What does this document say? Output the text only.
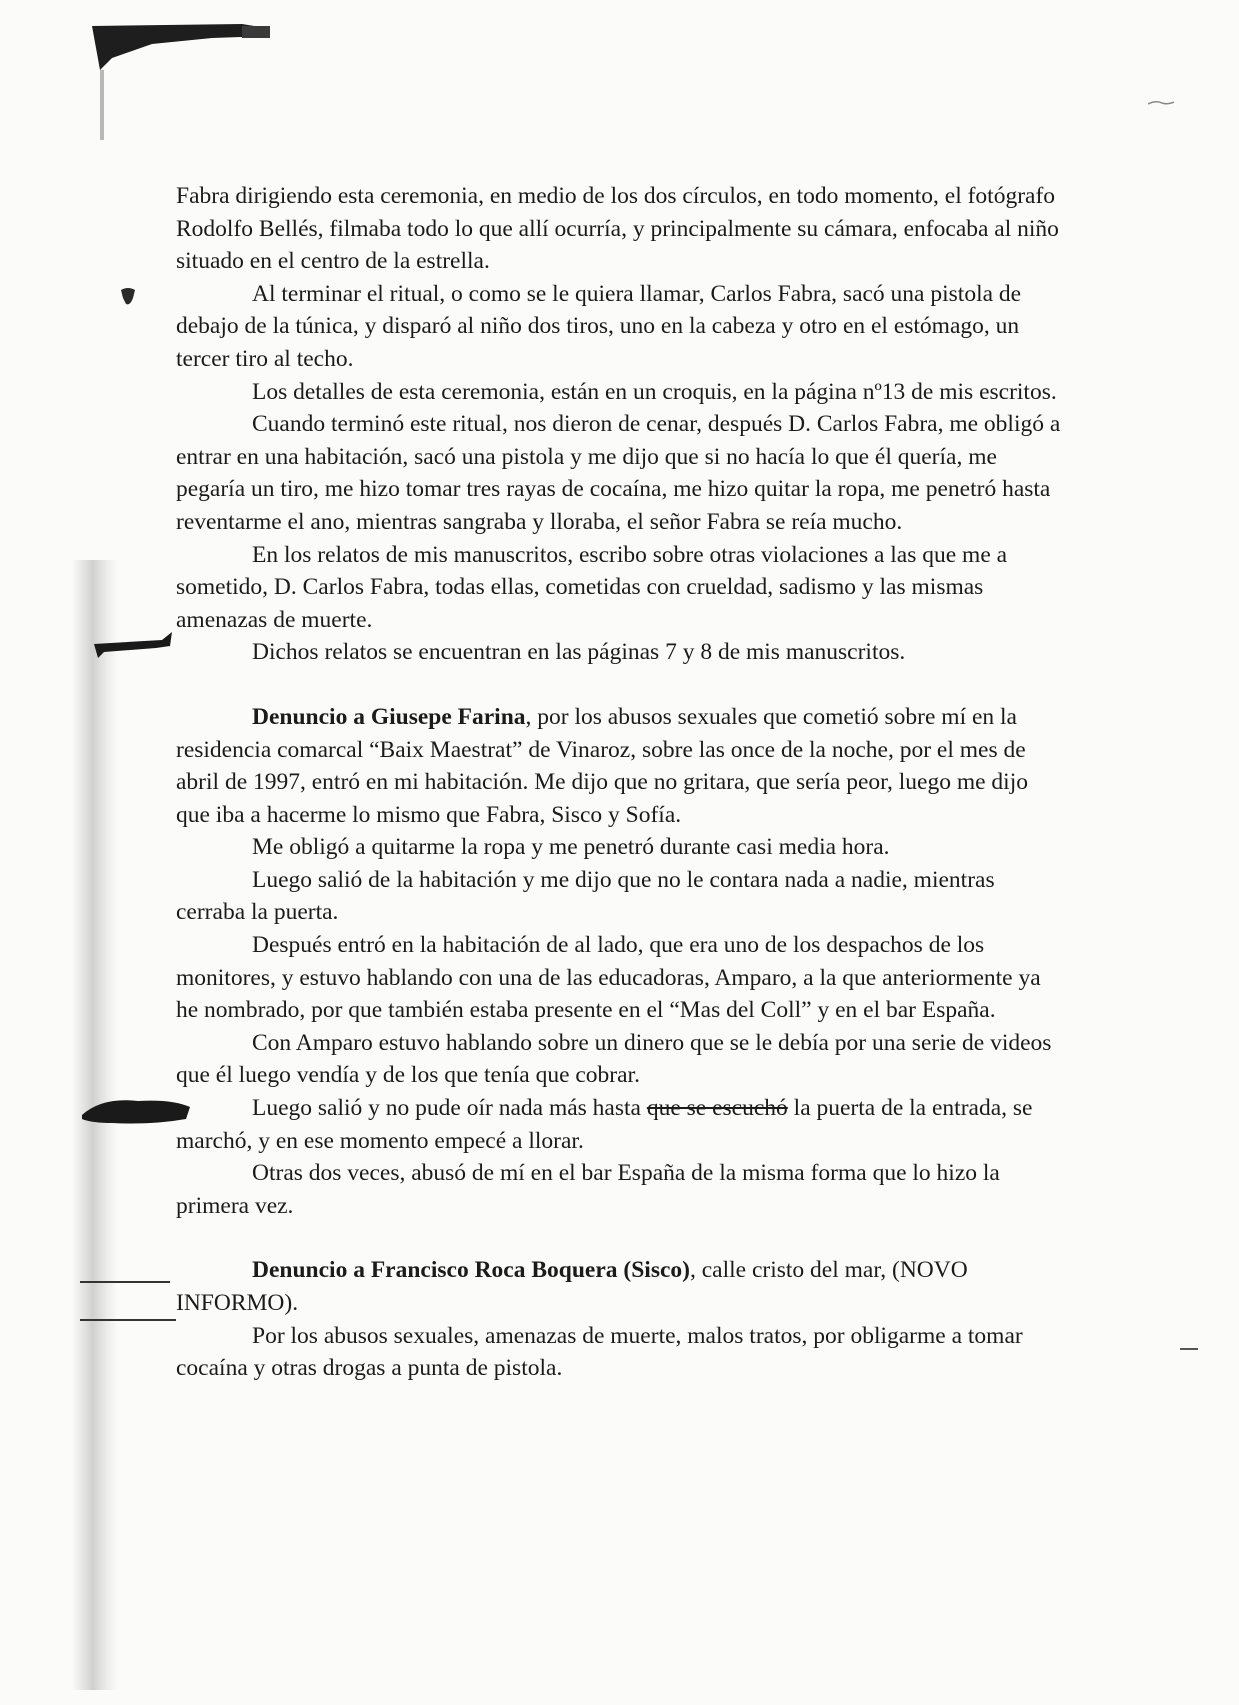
Fabra dirigiendo esta ceremonia, en medio de los dos círculos, en todo momento, el fotógrafo Rodolfo Bellés, filmaba todo lo que allí ocurría, y principalmente su cámara, enfocaba al niño situado en el centro de la estrella.

Al terminar el ritual, o como se le quiera llamar, Carlos Fabra, sacó una pistola de debajo de la túnica, y disparó al niño dos tiros, uno en la cabeza y otro en el estómago, un tercer tiro al techo.

Los detalles de esta ceremonia, están en un croquis, en la página nº13 de mis escritos.

Cuando terminó este ritual, nos dieron de cenar, después D. Carlos Fabra, me obligó a entrar en una habitación, sacó una pistola y me dijo que si no hacía lo que él quería, me pegaría un tiro, me hizo tomar tres rayas de cocaína, me hizo quitar la ropa, me penetró hasta reventarme el ano, mientras sangraba y lloraba, el señor Fabra se reía mucho.

En los relatos de mis manuscritos, escribo sobre otras violaciones a las que me a sometido, D. Carlos Fabra, todas ellas, cometidas con crueldad, sadismo y las mismas amenazas de muerte.

Dichos relatos se encuentran en las páginas 7 y 8 de mis manuscritos.

Denuncio a Giusepe Farina, por los abusos sexuales que cometió sobre mí en la residencia comarcal “Baix Maestrat” de Vinaroz, sobre las once de la noche, por el mes de abril de 1997, entró en mi habitación. Me dijo que no gritara, que sería peor, luego me dijo que iba a hacerme lo mismo que Fabra, Sisco y Sofía.

Me obligó a quitarme la ropa y me penetró durante casi media hora.

Luego salió de la habitación y me dijo que no le contara nada a nadie, mientras cerraba la puerta.

Después entró en la habitación de al lado, que era uno de los despachos de los monitores, y estuvo hablando con una de las educadoras, Amparo, a la que anteriormente ya he nombrado, por que también estaba presente en el “Mas del Coll” y en el bar España.

Con Amparo estuvo hablando sobre un dinero que se le debía por una serie de videos que él luego vendía y de los que tenía que cobrar.

Luego salió y no pude oír nada más hasta que se escuchó la puerta de la entrada, se marchó, y en ese momento empecé a llorar.

Otras dos veces, abusó de mí en el bar España de la misma forma que lo hizo la primera vez.

Denuncio a Francisco Roca Boquera (Sisco), calle cristo del mar, (NOVO INFORMO).

Por los abusos sexuales, amenazas de muerte, malos tratos, por obligarme a tomar cocaína y otras drogas a punta de pistola.
